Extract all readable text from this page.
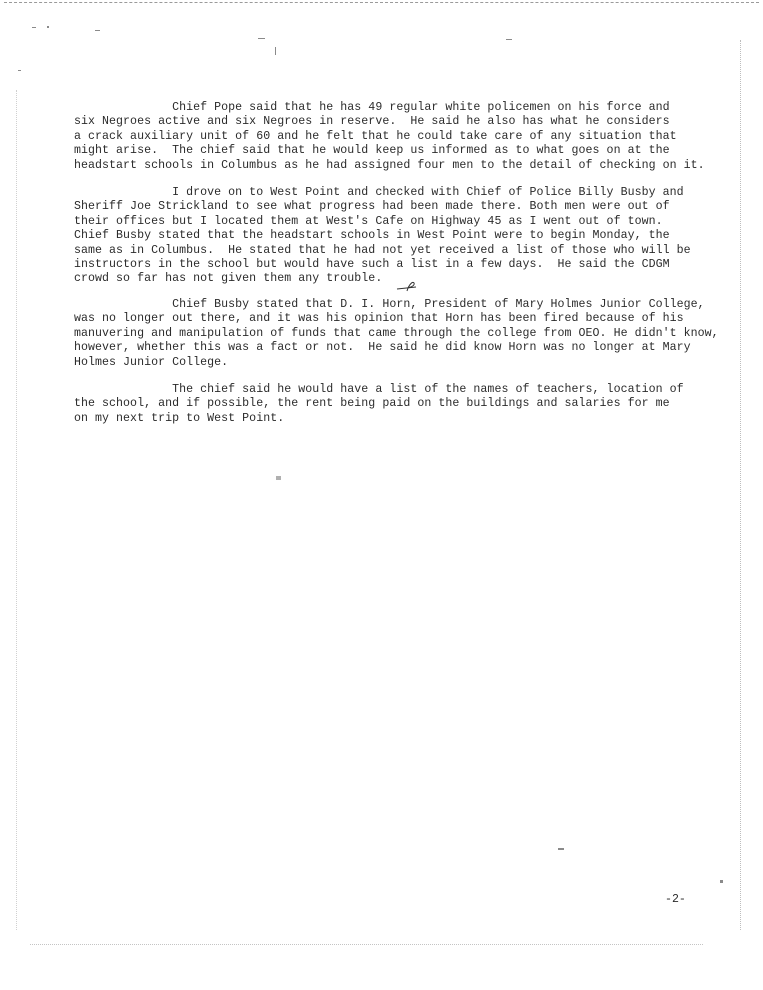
Chief Pope said that he has 49 regular white policemen on his force and
six Negroes active and six Negroes in reserve.  He said he also has what he considers
a crack auxiliary unit of 60 and he felt that he could take care of any situation that
might arise.  The chief said that he would keep us informed as to what goes on at the
headstart schools in Columbus as he had assigned four men to the detail of checking on it.

I drove on to West Point and checked with Chief of Police Billy Busby and
Sheriff Joe Strickland to see what progress had been made there. Both men were out of
their offices but I located them at West's Cafe on Highway 45 as I went out of town.
Chief Busby stated that the headstart schools in West Point were to begin Monday, the
same as in Columbus.  He stated that he had not yet received a list of those who will be
instructors in the school but would have such a list in a few days.  He said the CDGM
crowd so far has not given them any trouble.

Chief Busby stated that D. I. Horn, President of Mary Holmes Junior College,
was no longer out there, and it was his opinion that Horn has been fired because of his
manuvering and manipulation of funds that came through the college from OEO. He didn't know,
however, whether this was a fact or not.  He said he did know Horn was no longer at Mary
Holmes Junior College.

The chief said he would have a list of the names of teachers, location of
the school, and if possible, the rent being paid on the buildings and salaries for me
on my next trip to West Point.

-2-
